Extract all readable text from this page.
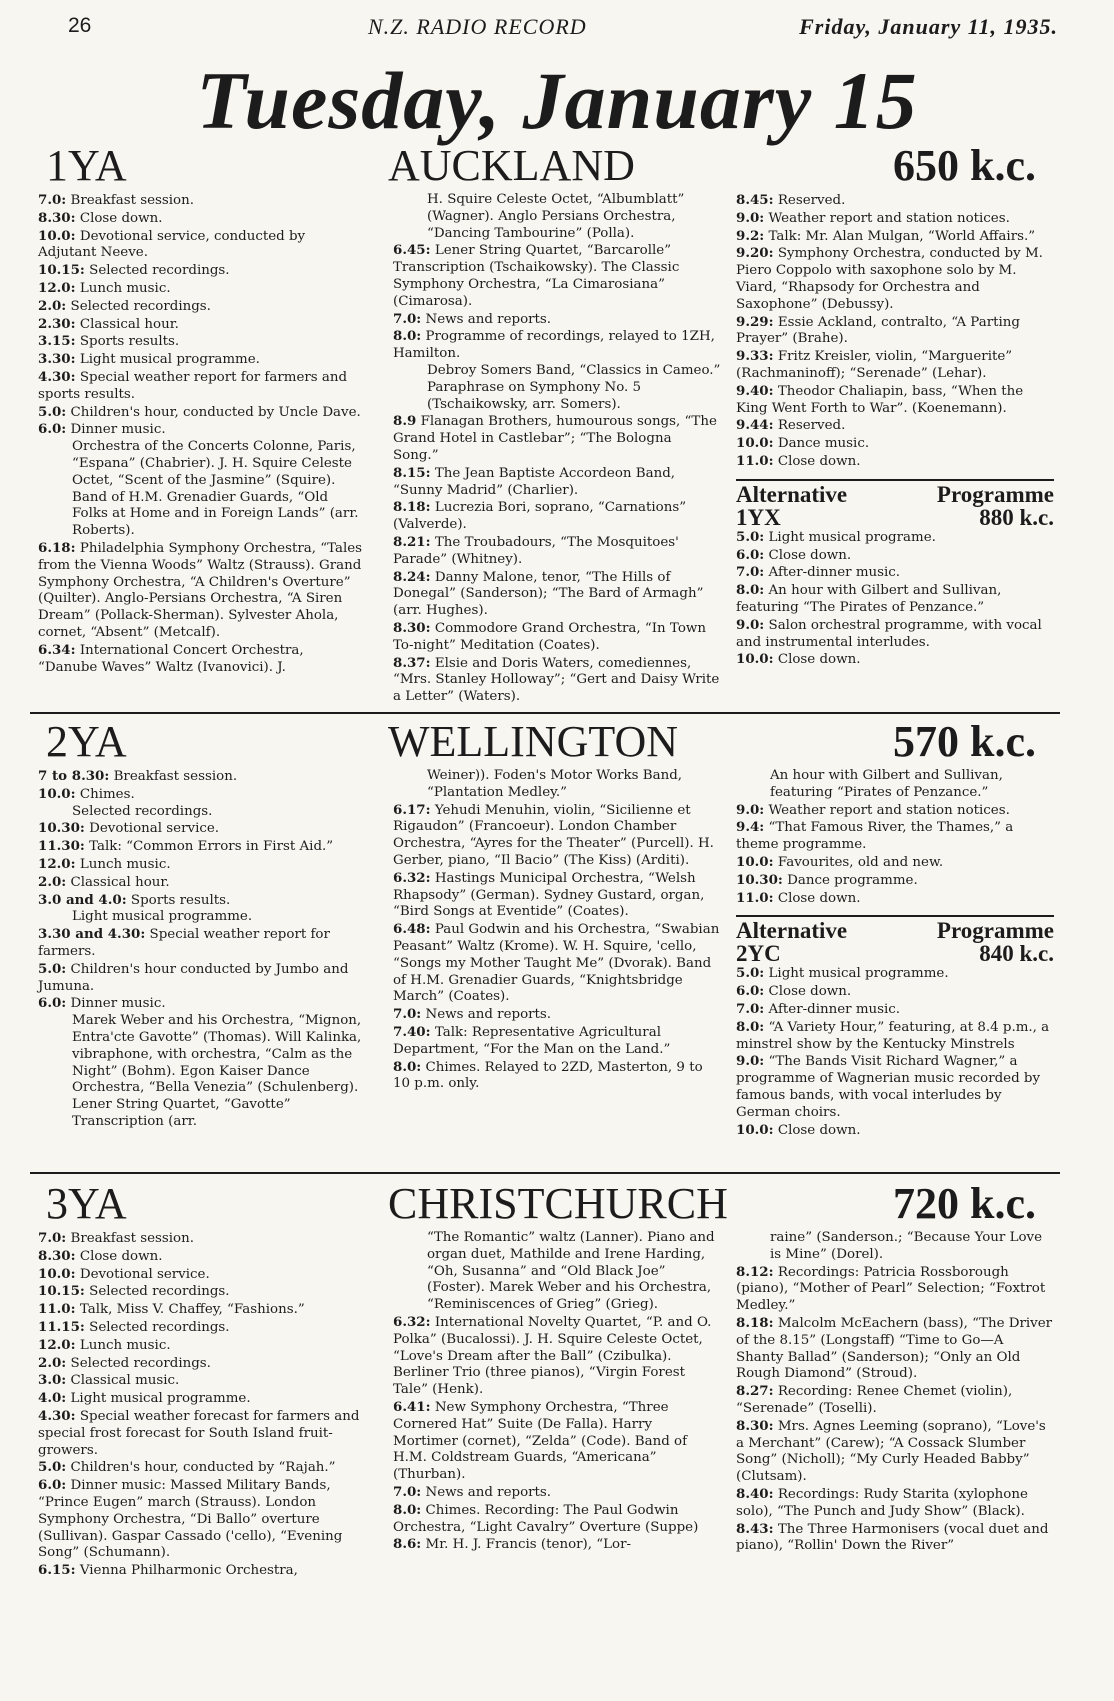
26	N.Z. RADIO RECORD	Friday, January 11, 1935.
Tuesday, January 15
1YA	AUCKLAND	650 k.c.
7.0: Breakfast session.
8.30: Close down.
10.0: Devotional service, conducted by Adjutant Neeve.
10.15: Selected recordings.
12.0: Lunch music.
2.0: Selected recordings.
2.30: Classical hour.
3.15: Sports results.
3.30: Light musical programme.
4.30: Special weather report for farmers and sports results.
5.0: Children's hour, conducted by Uncle Dave.
6.0: Dinner music.
Orchestra of the Concerts Colonne, Paris, “Espana” (Chabrier). J. H. Squire Celeste Octet, “Scent of the Jasmine” (Squire). Band of H.M. Grenadier Guards, “Old Folks at Home and in Foreign Lands” (arr. Roberts).
6.18: Philadelphia Symphony Orchestra, “Tales from the Vienna Woods” Waltz (Strauss). Grand Symphony Orchestra, “A Children's Overture” (Quilter). Anglo-Persians Orchestra, “A Siren Dream” (Pollack-Sherman). Sylvester Ahola, cornet, “Absent” (Metcalf).
6.34: International Concert Orchestra, “Danube Waves” Waltz (Ivanovici). J.
H. Squire Celeste Octet, “Albumblatt” (Wagner). Anglo Persians Orchestra, “Dancing Tambourine” (Polla).
6.45: Lener String Quartet, “Barcarolle” Transcription (Tschaikowsky). The Classic Symphony Orchestra, “La Cimarosiana” (Cimarosa).
7.0: News and reports.
8.0: Programme of recordings, relayed to 1ZH, Hamilton.
Debroy Somers Band, “Classics in Cameo.” Paraphrase on Symphony No. 5 (Tschaikowsky, arr. Somers).
8.9 Flanagan Brothers, humourous songs, “The Grand Hotel in Castlebar”; “The Bologna Song.”
8.15: The Jean Baptiste Accordeon Band, “Sunny Madrid” (Charlier).
8.18: Lucrezia Bori, soprano, “Carnations” (Valverde).
8.21: The Troubadours, “The Mosquitoes' Parade” (Whitney).
8.24: Danny Malone, tenor, “The Hills of Donegal” (Sanderson); “The Bard of Armagh” (arr. Hughes).
8.30: Commodore Grand Orchestra, “In Town To-night” Meditation (Coates).
8.37: Elsie and Doris Waters, comediennes, “Mrs. Stanley Holloway”; “Gert and Daisy Write a Letter” (Waters).
8.45: Reserved.
9.0: Weather report and station notices.
9.2: Talk: Mr. Alan Mulgan, “World Affairs.”
9.20: Symphony Orchestra, conducted by M. Piero Coppolo with saxophone solo by M. Viard, “Rhapsody for Orchestra and Saxophone” (Debussy).
9.29: Essie Ackland, contralto, “A Parting Prayer” (Brahe).
9.33: Fritz Kreisler, violin, “Marguerite” (Rachmaninoff); “Serenade” (Lehar).
9.40: Theodor Chaliapin, bass, “When the King Went Forth to War”. (Koenemann).
9.44: Reserved.
10.0: Dance music.
11.0: Close down.
Alternative	Programme
1YX	880 k.c.
5.0: Light musical programe.
6.0: Close down.
7.0: After-dinner music.
8.0: An hour with Gilbert and Sullivan, featuring “The Pirates of Penzance.”
9.0: Salon orchestral programme, with vocal and instrumental interludes.
10.0: Close down.
2YA	WELLINGTON	570 k.c.
7 to 8.30: Breakfast session.
10.0: Chimes.
Selected recordings.
10.30: Devotional service.
11.30: Talk: “Common Errors in First Aid.”
12.0: Lunch music.
2.0: Classical hour.
3.0 and 4.0: Sports results.
Light musical programme.
3.30 and 4.30: Special weather report for farmers.
5.0: Children's hour conducted by Jumbo and Jumuna.
6.0: Dinner music.
Marek Weber and his Orchestra, “Mignon, Entra'cte Gavotte” (Thomas). Will Kalinka, vibraphone, with orchestra, “Calm as the Night” (Bohm). Egon Kaiser Dance Orchestra, “Bella Venezia” (Schulenberg). Lener String Quartet, “Gavotte” Transcription (arr.
Weiner)). Foden's Motor Works Band, “Plantation Medley.”
6.17: Yehudi Menuhin, violin, “Sicilienne et Rigaudon” (Francoeur). London Chamber Orchestra, “Ayres for the Theater” (Purcell). H. Gerber, piano, “Il Bacio” (The Kiss) (Arditi).
6.32: Hastings Municipal Orchestra, “Welsh Rhapsody” (German). Sydney Gustard, organ, “Bird Songs at Eventide” (Coates).
6.48: Paul Godwin and his Orchestra, “Swabian Peasant” Waltz (Krome). W. H. Squire, 'cello, “Songs my Mother Taught Me” (Dvorak). Band of H.M. Grenadier Guards, “Knightsbridge March” (Coates).
7.0: News and reports.
7.40: Talk: Representative Agricultural Department, “For the Man on the Land.”
8.0: Chimes. Relayed to 2ZD, Masterton, 9 to 10 p.m. only.
An hour with Gilbert and Sullivan, featuring “Pirates of Penzance.”
9.0: Weather report and station notices.
9.4: “That Famous River, the Thames,” a theme programme.
10.0: Favourites, old and new.
10.30: Dance programme.
11.0: Close down.
Alternative	Programme
2YC	840 k.c.
5.0: Light musical programme.
6.0: Close down.
7.0: After-dinner music.
8.0: “A Variety Hour,” featuring, at 8.4 p.m., a minstrel show by the Kentucky Minstrels
9.0: “The Bands Visit Richard Wagner,” a programme of Wagnerian music recorded by famous bands, with vocal interludes by German choirs.
10.0: Close down.
3YA	CHRISTCHURCH	720 k.c.
7.0: Breakfast session.
8.30: Close down.
10.0: Devotional service.
10.15: Selected recordings.
11.0: Talk, Miss V. Chaffey, “Fashions.”
11.15: Selected recordings.
12.0: Lunch music.
2.0: Selected recordings.
3.0: Classical music.
4.0: Light musical programme.
4.30: Special weather forecast for farmers and special frost forecast for South Island fruit-growers.
5.0: Children's hour, conducted by “Rajah.”
6.0: Dinner music: Massed Military Bands, “Prince Eugen” march (Strauss). London Symphony Orchestra, “Di Ballo” overture (Sullivan). Gaspar Cassado ('cello), “Evening Song” (Schumann).
6.15: Vienna Philharmonic Orchestra,
“The Romantic” waltz (Lanner). Piano and organ duet, Mathilde and Irene Harding, “Oh, Susanna” and “Old Black Joe” (Foster). Marek Weber and his Orchestra, “Reminiscences of Grieg” (Grieg).
6.32: International Novelty Quartet, “P. and O. Polka” (Bucalossi). J. H. Squire Celeste Octet, “Love's Dream after the Ball” (Czibulka). Berliner Trio (three pianos), “Virgin Forest Tale” (Henk).
6.41: New Symphony Orchestra, “Three Cornered Hat” Suite (De Falla). Harry Mortimer (cornet), “Zelda” (Code). Band of H.M. Coldstream Guards, “Americana” (Thurban).
7.0: News and reports.
8.0: Chimes. Recording: The Paul Godwin Orchestra, “Light Cavalry” Overture (Suppe)
8.6: Mr. H. J. Francis (tenor), “Lor-
raine” (Sanderson.; “Because Your Love is Mine” (Dorel).
8.12: Recordings: Patricia Rossborough (piano), “Mother of Pearl” Selection; “Foxtrot Medley.”
8.18: Malcolm McEachern (bass), “The Driver of the 8.15” (Longstaff) “Time to Go—A Shanty Ballad” (Sanderson); “Only an Old Rough Diamond” (Stroud).
8.27: Recording: Renee Chemet (violin), “Serenade” (Toselli).
8.30: Mrs. Agnes Leeming (soprano), “Love's a Merchant” (Carew); “A Cossack Slumber Song” (Nicholl); “My Curly Headed Babby” (Clutsam).
8.40: Recordings: Rudy Starita (xylophone solo), “The Punch and Judy Show” (Black).
8.43: The Three Harmonisers (vocal duet and piano), “Rollin' Down the River”
